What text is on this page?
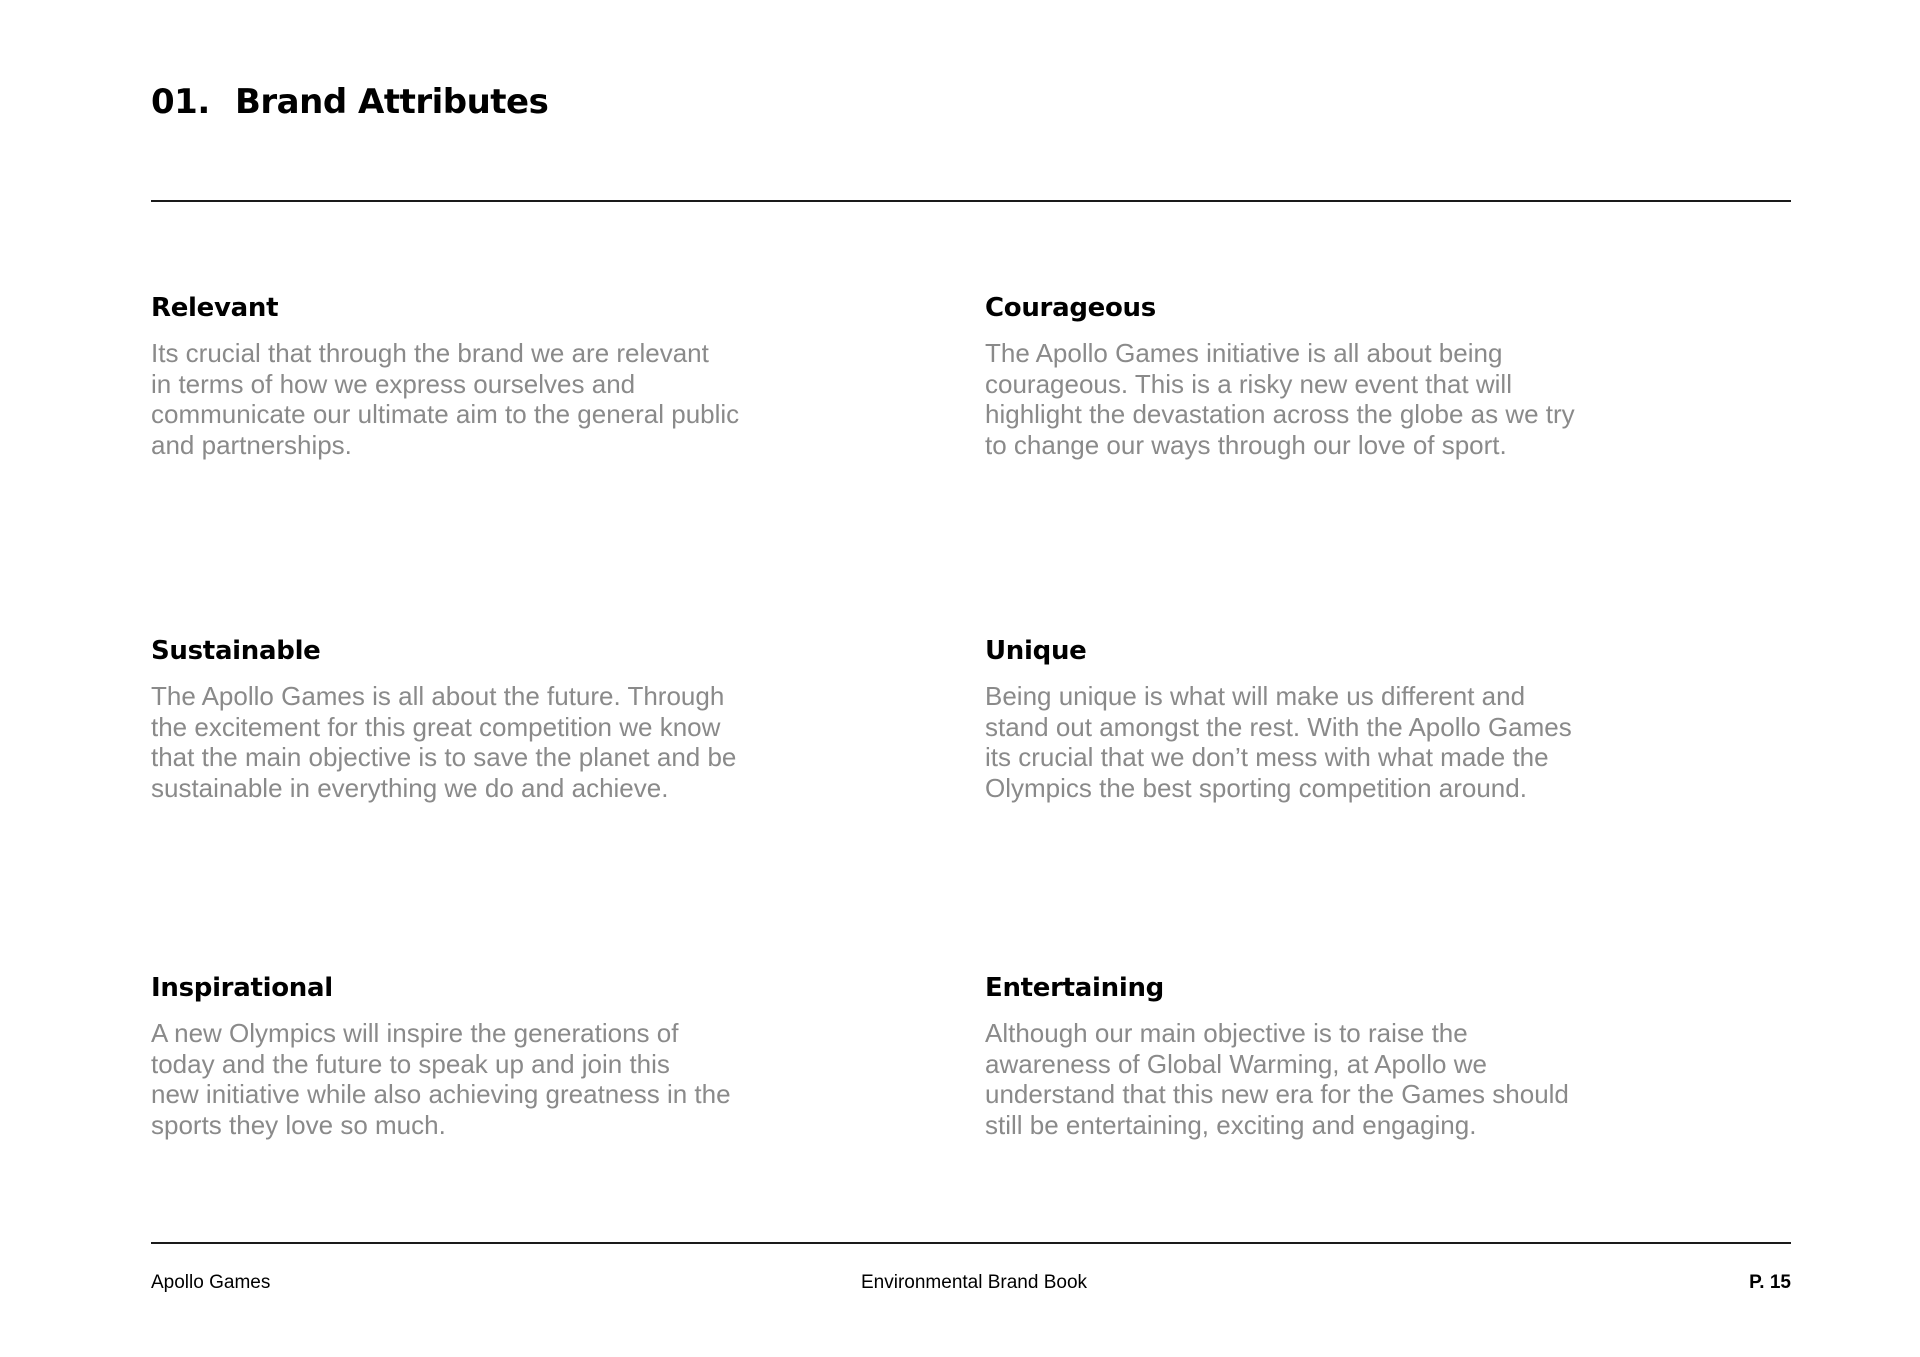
01. Brand Attributes
Relevant

Its crucial that through the brand we are relevant
in terms of how we express ourselves and
communicate our ultimate aim to the general public
and partnerships.

Courageous

The Apollo Games initiative is all about being
courageous. This is a risky new event that will
highlight the devastation across the globe as we try
to change our ways through our love of sport.

Sustainable

The Apollo Games is all about the future. Through
the excitement for this great competition we know
that the main objective is to save the planet and be
sustainable in everything we do and achieve.

Unique

Being unique is what will make us different and
stand out amongst the rest. With the Apollo Games
its crucial that we don’t mess with what made the
Olympics the best sporting competition around.

Inspirational

A new Olympics will inspire the generations of
today and the future to speak up and join this
new initiative while also achieving greatness in the
sports they love so much.

Entertaining

Although our main objective is to raise the
awareness of Global Warming, at Apollo we
understand that this new era for the Games should
still be entertaining, exciting and engaging.

Apollo Games	Environmental Brand Book	P. 15
